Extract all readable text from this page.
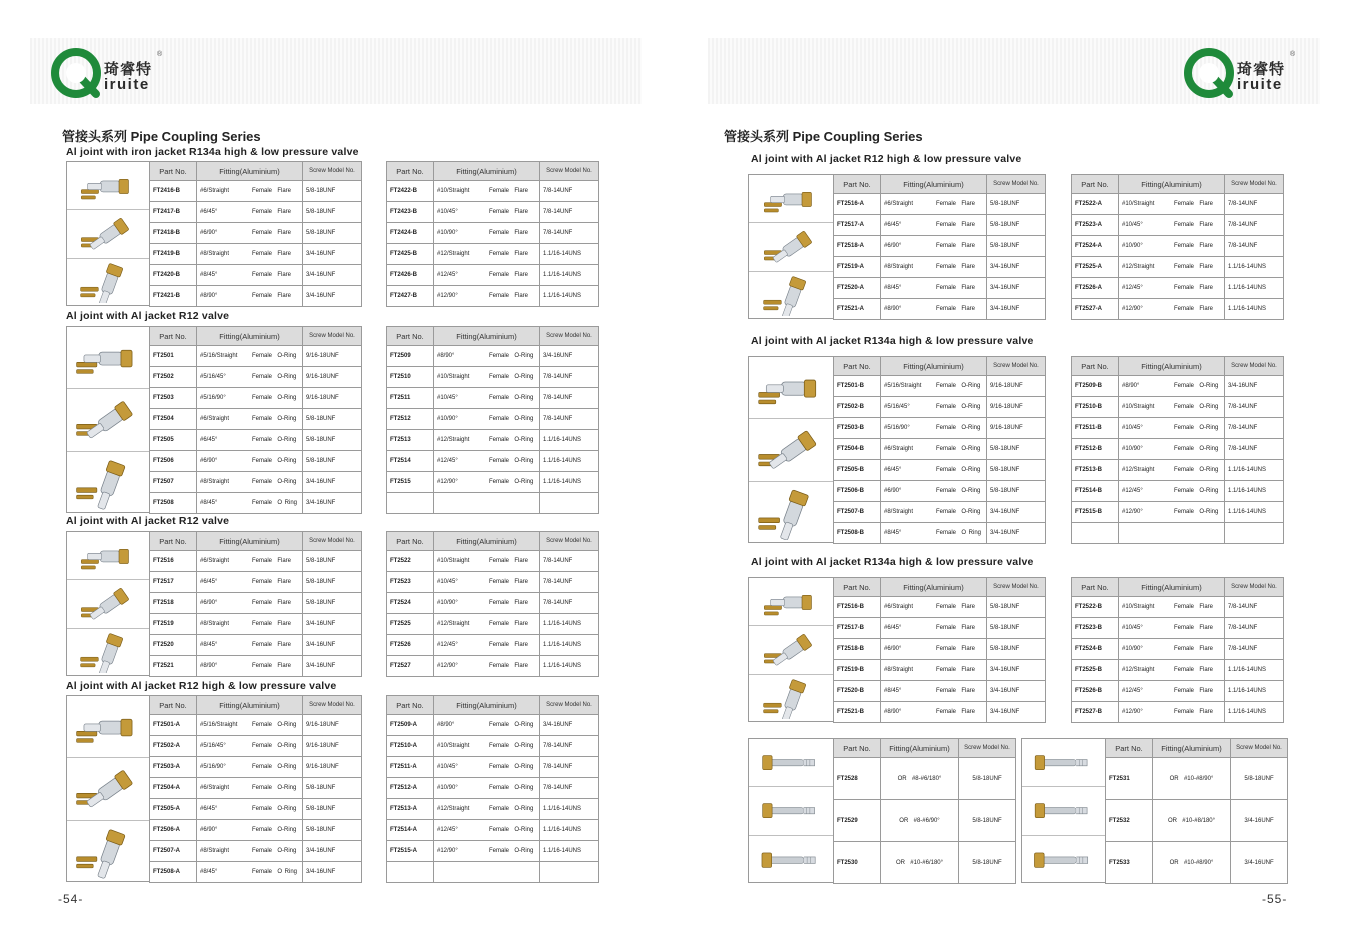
琦睿特
iruite
®
琦睿特
iruite
®
管接头系列 Pipe Coupling Series	管接头系列 Pipe Coupling Series
-54-	-55-
Al joint with iron jacket R134a high & low pressure valve
Part No.	Fitting(Aluminium)	Screw Model No.
FT2416-B	#6/Straight Female  Flare	5/8-18UNF
FT2417-B	#6/45° Female  Flare	5/8-18UNF
FT2418-B	#6/90° Female  Flare	5/8-18UNF
FT2419-B	#8/Straight Female  Flare	3/4-16UNF
FT2420-B	#8/45° Female  Flare	3/4-16UNF
FT2421-B	#8/90° Female  Flare	3/4-16UNF
Part No.	Fitting(Aluminium)	Screw Model No.
FT2422-B	#10/Straight Female  Flare	7/8-14UNF
FT2423-B	#10/45° Female  Flare	7/8-14UNF
FT2424-B	#10/90° Female  Flare	7/8-14UNF
FT2425-B	#12/Straight Female  Flare	1.1/16-14UNS
FT2426-B	#12/45° Female  Flare	1.1/16-14UNS
FT2427-B	#12/90° Female  Flare	1.1/16-14UNS
Al joint with Al jacket R12 valve
Part No.	Fitting(Aluminium)	Screw Model No.
FT2501	#5/16/Straight Female  O-Ring	9/16-18UNF
FT2502	#5/16/45° Female  O-Ring	9/16-18UNF
FT2503	#5/16/90° Female  O-Ring	9/16-18UNF
FT2504	#6/Straight Female  O-Ring	5/8-18UNF
FT2505	#6/45° Female  O-Ring	5/8-18UNF
FT2506	#6/90° Female  O-Ring	5/8-18UNF
FT2507	#8/Straight Female  O-Ring	3/4-16UNF
FT2508	#8/45° Female  O Ring	3/4-16UNF
Part No.	Fitting(Aluminium)	Screw Model No.
FT2509	#8/90° Female  O-Ring	3/4-16UNF
FT2510	#10/Straight Female  O-Ring	7/8-14UNF
FT2511	#10/45° Female  O-Ring	7/8-14UNF
FT2512	#10/90° Female  O-Ring	7/8-14UNF
FT2513	#12/Straight Female  O-Ring	1.1/16-14UNS
FT2514	#12/45° Female  O-Ring	1.1/16-14UNS
FT2515	#12/90° Female  O-Ring	1.1/16-14UNS

Al joint with Al jacket R12 valve
Part No.	Fitting(Aluminium)	Screw Model No.
FT2516	#6/Straight Female  Flare	5/8-18UNF
FT2517	#6/45° Female  Flare	5/8-18UNF
FT2518	#6/90° Female  Flare	5/8-18UNF
FT2519	#8/Straight Female  Flare	3/4-16UNF
FT2520	#8/45° Female  Flare	3/4-16UNF
FT2521	#8/90° Female  Flare	3/4-16UNF
Part No.	Fitting(Aluminium)	Screw Model No.
FT2522	#10/Straight Female  Flare	7/8-14UNF
FT2523	#10/45° Female  Flare	7/8-14UNF
FT2524	#10/90° Female  Flare	7/8-14UNF
FT2525	#12/Straight Female  Flare	1.1/16-14UNS
FT2526	#12/45° Female  Flare	1.1/16-14UNS
FT2527	#12/90° Female  Flare	1.1/16-14UNS
Al joint with Al jacket R12 high & low pressure valve
Part No.	Fitting(Aluminium)	Screw Model No.
FT2501-A	#5/16/Straight Female  O-Ring	9/16-18UNF
FT2502-A	#5/16/45° Female  O-Ring	9/16-18UNF
FT2503-A	#5/16/90° Female  O-Ring	9/16-18UNF
FT2504-A	#6/Straight Female  O-Ring	5/8-18UNF
FT2505-A	#6/45° Female  O-Ring	5/8-18UNF
FT2506-A	#6/90° Female  O-Ring	5/8-18UNF
FT2507-A	#8/Straight Female  O-Ring	3/4-16UNF
FT2508-A	#8/45° Female  O Ring	3/4-16UNF
Part No.	Fitting(Aluminium)	Screw Model No.
FT2509-A	#8/90° Female  O-Ring	3/4-16UNF
FT2510-A	#10/Straight Female  O-Ring	7/8-14UNF
FT2511-A	#10/45° Female  O-Ring	7/8-14UNF
FT2512-A	#10/90° Female  O-Ring	7/8-14UNF
FT2513-A	#12/Straight Female  O-Ring	1.1/16-14UNS
FT2514-A	#12/45° Female  O-Ring	1.1/16-14UNS
FT2515-A	#12/90° Female  O-Ring	1.1/16-14UNS

Al joint with Al jacket R12 high & low pressure valve
Part No.	Fitting(Aluminium)	Screw Model No.
FT2516-A	#6/Straight Female  Flare	5/8-18UNF
FT2517-A	#6/45° Female  Flare	5/8-18UNF
FT2518-A	#6/90° Female  Flare	5/8-18UNF
FT2519-A	#8/Straight Female  Flare	3/4-16UNF
FT2520-A	#8/45° Female  Flare	3/4-16UNF
FT2521-A	#8/90° Female  Flare	3/4-16UNF
Part No.	Fitting(Aluminium)	Screw Model No.
FT2522-A	#10/Straight Female  Flare	7/8-14UNF
FT2523-A	#10/45° Female  Flare	7/8-14UNF
FT2524-A	#10/90° Female  Flare	7/8-14UNF
FT2525-A	#12/Straight Female  Flare	1.1/16-14UNS
FT2526-A	#12/45° Female  Flare	1.1/16-14UNS
FT2527-A	#12/90° Female  Flare	1.1/16-14UNS
Al joint with Al jacket R134a high & low pressure valve
Part No.	Fitting(Aluminium)	Screw Model No.
FT2501-B	#5/16/Straight Female  O-Ring	9/16-18UNF
FT2502-B	#5/16/45° Female  O-Ring	9/16-18UNF
FT2503-B	#5/16/90° Female  O-Ring	9/16-18UNF
FT2504-B	#6/Straight Female  O-Ring	5/8-18UNF
FT2505-B	#6/45° Female  O-Ring	5/8-18UNF
FT2506-B	#6/90° Female  O-Ring	5/8-18UNF
FT2507-B	#8/Straight Female  O-Ring	3/4-16UNF
FT2508-B	#8/45° Female  O Ring	3/4-16UNF
Part No.	Fitting(Aluminium)	Screw Model No.
FT2509-B	#8/90° Female  O-Ring	3/4-16UNF
FT2510-B	#10/Straight Female  O-Ring	7/8-14UNF
FT2511-B	#10/45° Female  O-Ring	7/8-14UNF
FT2512-B	#10/90° Female  O-Ring	7/8-14UNF
FT2513-B	#12/Straight Female  O-Ring	1.1/16-14UNS
FT2514-B	#12/45° Female  O-Ring	1.1/16-14UNS
FT2515-B	#12/90° Female  O-Ring	1.1/16-14UNS

Al joint with Al jacket R134a high & low pressure valve
Part No.	Fitting(Aluminium)	Screw Model No.
FT2516-B	#6/Straight Female  Flare	5/8-18UNF
FT2517-B	#6/45° Female  Flare	5/8-18UNF
FT2518-B	#6/90° Female  Flare	5/8-18UNF
FT2519-B	#8/Straight Female  Flare	3/4-16UNF
FT2520-B	#8/45° Female  Flare	3/4-16UNF
FT2521-B	#8/90° Female  Flare	3/4-16UNF
Part No.	Fitting(Aluminium)	Screw Model No.
FT2522-B	#10/Straight Female  Flare	7/8-14UNF
FT2523-B	#10/45° Female  Flare	7/8-14UNF
FT2524-B	#10/90° Female  Flare	7/8-14UNF
FT2525-B	#12/Straight Female  Flare	1.1/16-14UNS
FT2526-B	#12/45° Female  Flare	1.1/16-14UNS
FT2527-B	#12/90° Female  Flare	1.1/16-14UNS
Part No.	Fitting(Aluminium)	Screw Model No.
FT2528	OR  #8-#6/180°	5/8-18UNF
FT2529	OR  #8-#6/90°	5/8-18UNF
FT2530	OR  #10-#6/180°	5/8-18UNF
Part No.	Fitting(Aluminium)	Screw Model No.
FT2531	OR  #10-#8/90°	5/8-18UNF
FT2532	OR  #10-#8/180°	3/4-16UNF
FT2533	OR  #10-#8/90°	3/4-16UNF
